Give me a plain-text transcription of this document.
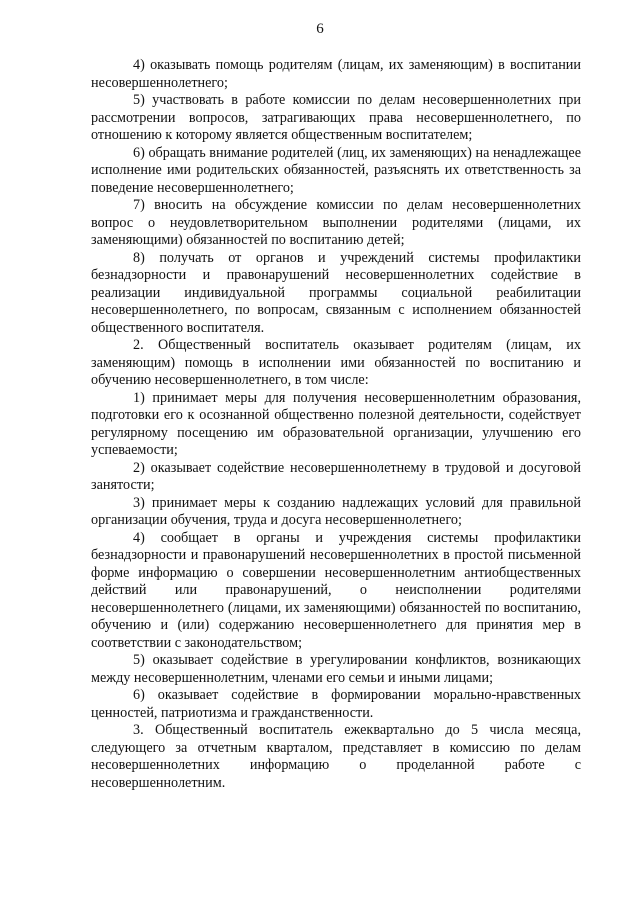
6

4) оказывать помощь родителям (лицам, их заменяющим) в воспитании несовершеннолетнего;

5) участвовать в работе комиссии по делам несовершеннолетних при рассмотрении вопросов, затрагивающих права несовершеннолетнего, по отношению к которому является общественным воспитателем;

6) обращать внимание родителей (лиц, их заменяющих) на ненадлежащее исполнение ими родительских обязанностей, разъяснять их ответственность за поведение несовершеннолетнего;

7) вносить на обсуждение комиссии по делам несовершеннолетних вопрос о неудовлетворительном выполнении родителями (лицами, их заменяющими) обязанностей по воспитанию детей;

8) получать от органов и учреждений системы профилактики безнадзорности и правонарушений несовершеннолетних содействие в реализации индивидуальной программы социальной реабилитации несовершеннолетнего, по вопросам, связанным с исполнением обязанностей общественного воспитателя.

2. Общественный воспитатель оказывает родителям (лицам, их заменяющим) помощь в исполнении ими обязанностей по воспитанию и обучению несовершеннолетнего, в том числе:

1) принимает меры для получения несовершеннолетним образования, подготовки его к осознанной общественно полезной деятельности, содействует регулярному посещению им образовательной организации, улучшению его успеваемости;

2) оказывает содействие несовершеннолетнему в трудовой и досуговой занятости;

3) принимает меры к созданию надлежащих условий для правильной организации обучения, труда и досуга несовершеннолетнего;

4) сообщает в органы и учреждения системы профилактики безнадзорности и правонарушений несовершеннолетних в простой письменной форме информацию о совершении несовершеннолетним антиобщественных действий или правонарушений, о неисполнении родителями несовершеннолетнего (лицами, их заменяющими) обязанностей по воспитанию, обучению и (или) содержанию несовершеннолетнего для принятия мер в соответствии с законодательством;

5) оказывает содействие в урегулировании конфликтов, возникающих между несовершеннолетним, членами его семьи и иными лицами;

6) оказывает содействие в формировании морально-нравственных ценностей, патриотизма и гражданственности.

3. Общественный воспитатель ежеквартально до 5 числа месяца, следующего за отчетным кварталом, представляет в комиссию по делам несовершеннолетних информацию о проделанной работе с несовершеннолетним.
